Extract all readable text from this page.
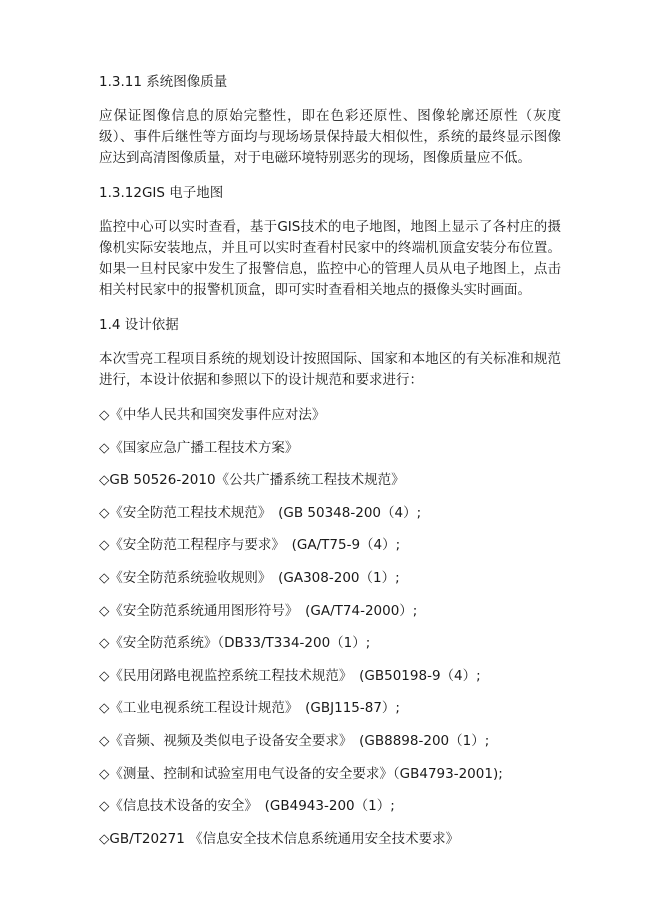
1.3.11 系统图像质量
应保证图像信息的原始完整性，即在色彩还原性、图像轮廓还原性（灰度级）、事件后继性等方面均与现场场景保持最大相似性，系统的最终显示图像应达到高清图像质量，对于电磁环境特别恶劣的现场，图像质量应不低。
1.3.12GIS 电子地图
监控中心可以实时查看，基于GIS技术的电子地图，地图上显示了各村庄的摄像机实际安装地点，并且可以实时查看村民家中的终端机顶盒安装分布位置。如果一旦村民家中发生了报警信息，监控中心的管理人员从电子地图上，点击相关村民家中的报警机顶盒，即可实时查看相关地点的摄像头实时画面。
1.4 设计依据
本次雪亮工程项目系统的规划设计按照国际、国家和本地区的有关标准和规范进行，本设计依据和参照以下的设计规范和要求进行：
◇《中华人民共和国突发事件应对法》
◇《国家应急广播工程技术方案》
◇GB 50526-2010《公共广播系统工程技术规范》
◇《安全防范工程技术规范》　(GB 50348-200（4）;
◇《安全防范工程程序与要求》　(GA/T75-9（4）;
◇《安全防范系统验收规则》　(GA308-200（1）;
◇《安全防范系统通用图形符号》　(GA/T74-2000）;
◇《安全防范系统》（DB33/T334-200（1）;
◇《民用闭路电视监控系统工程技术规范》　(GB50198-9（4）;
◇《工业电视系统工程设计规范》　(GBJ115-87）;
◇《音频、视频及类似电子设备安全要求》　(GB8898-200（1）;
◇《测量、控制和试验室用电气设备的安全要求》（GB4793-2001);
◇《信息技术设备的安全》　(GB4943-200（1）;
◇GB/T20271 《信息安全技术信息系统通用安全技术要求》
